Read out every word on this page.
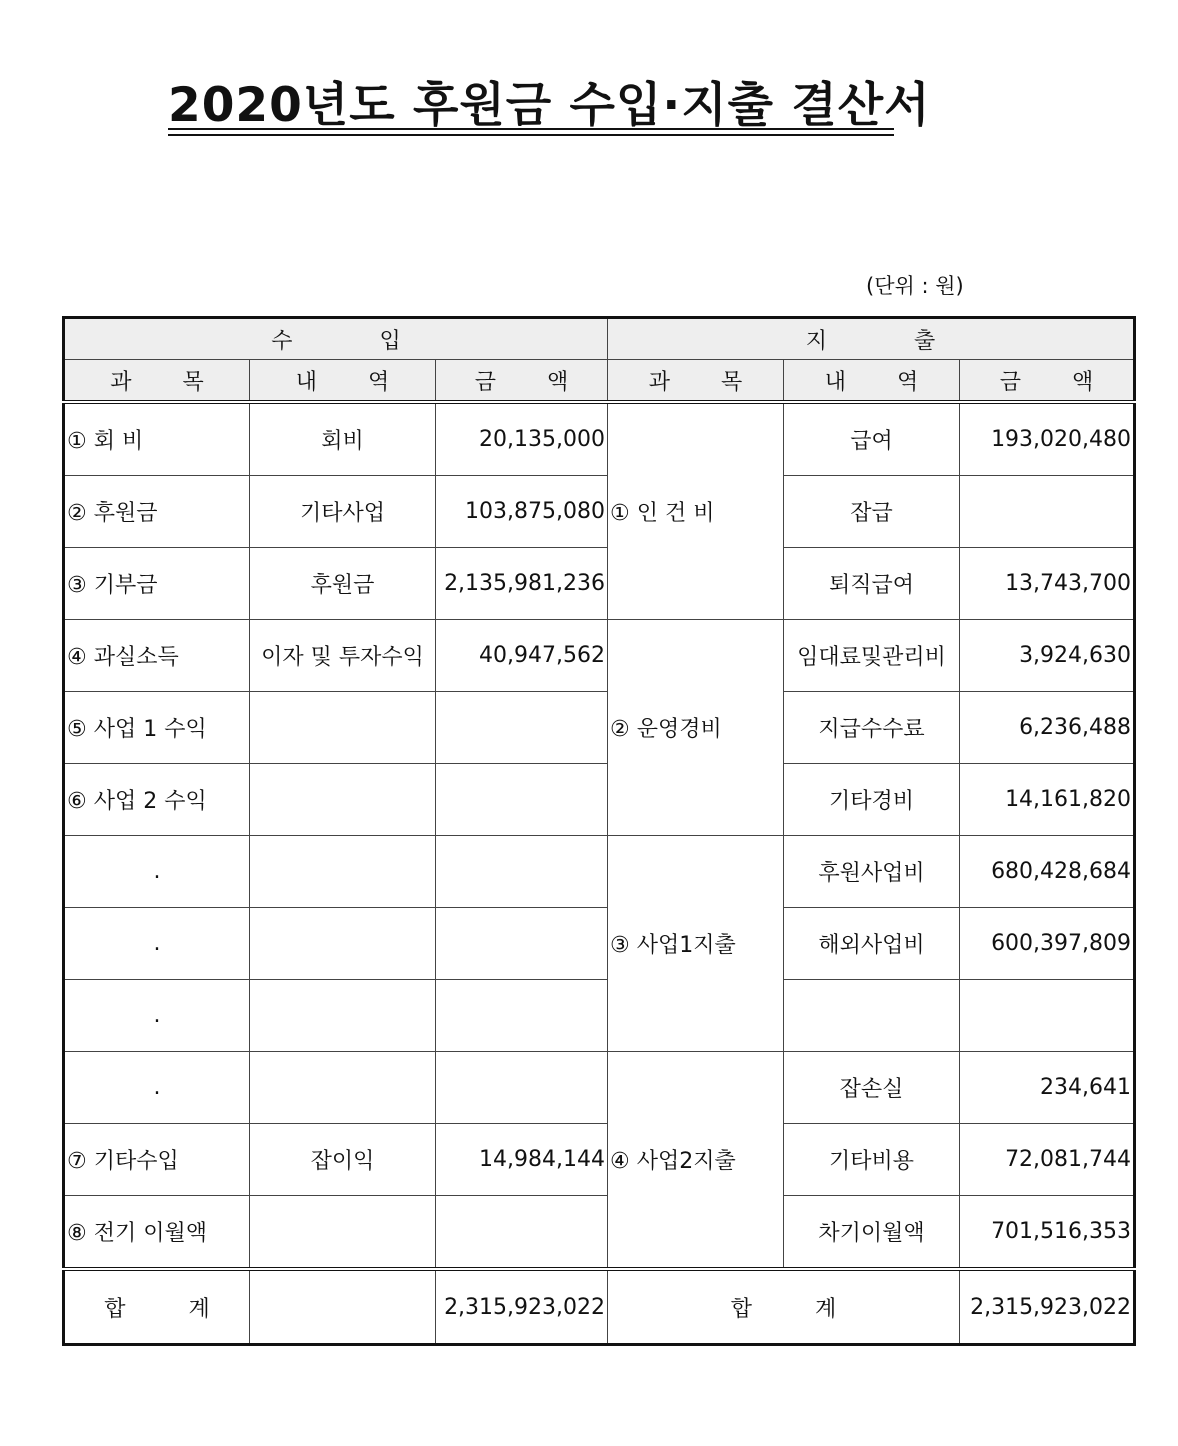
2020년도 후원금 수입·지출 결산서
(단위 : 원)
수 입			지 출		
과 목	내 역	금 액	과 목	내 역	금 액
① 회 비	회비	20,135,000	① 인 건 비	급여	193,020,480
② 후원금	기타사업	103,875,080		잡급	
③ 기부금	후원금	2,135,981,236		퇴직급여	13,743,700
④ 과실소득	이자 및 투자수익	40,947,562	② 운영경비	임대료및관리비	3,924,630
⑤ 사업 1 수익				지급수수료	6,236,488
⑥ 사업 2 수익				기타경비	14,161,820
.			③ 사업1지출	후원사업비	680,428,684
.				해외사업비	600,397,809
.					
.			④ 사업2지출	잡손실	234,641
⑦ 기타수입	잡이익	14,984,144		기타비용	72,081,744
⑧ 전기 이월액				차기이월액	701,516,353
합 계		2,315,923,022	합 계		2,315,923,022
